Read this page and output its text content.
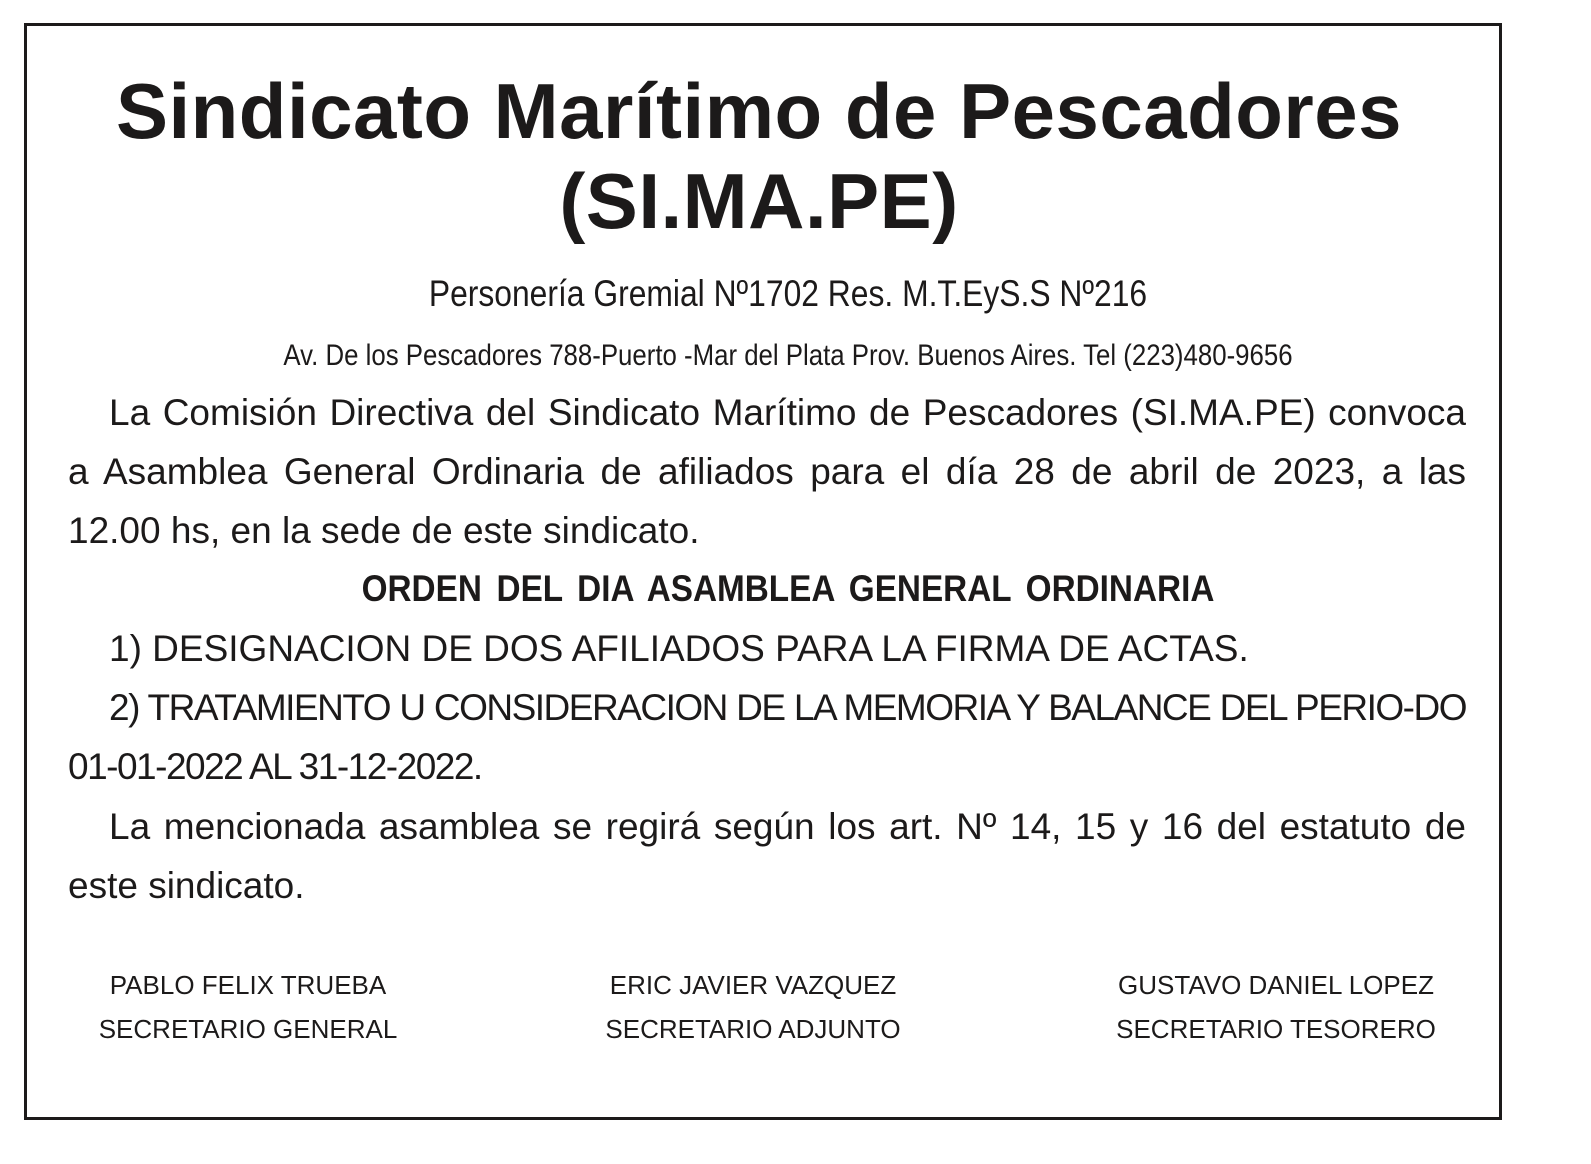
Sindicato Marítimo de Pescadores
(SI.MA.PE)
Personería Gremial Nº1702 Res. M.T.EyS.S Nº216
Av. De los Pescadores 788-Puerto -Mar del Plata Prov. Buenos Aires. Tel (223)480-9656

La Comisión Directiva del Sindicato Marítimo de Pescadores (SI.MA.PE) convoca a Asamblea General Ordinaria de afiliados para el día 28 de abril de 2023, a las 12.00 hs, en la sede de este sindicato.

ORDEN DEL DIA ASAMBLEA GENERAL ORDINARIA

1) DESIGNACION DE DOS AFILIADOS PARA LA FIRMA DE ACTAS.

2) TRATAMIENTO U CONSIDERACION DE LA MEMORIA Y BALANCE DEL PERIO-DO 01-01-2022 AL 31-12-2022.

La mencionada asamblea se regirá según los art. Nº 14, 15 y 16 del estatuto de este sindicato.

PABLO FELIX TRUEBA
SECRETARIO GENERAL
ERIC JAVIER VAZQUEZ
SECRETARIO ADJUNTO
GUSTAVO DANIEL LOPEZ
SECRETARIO TESORERO
